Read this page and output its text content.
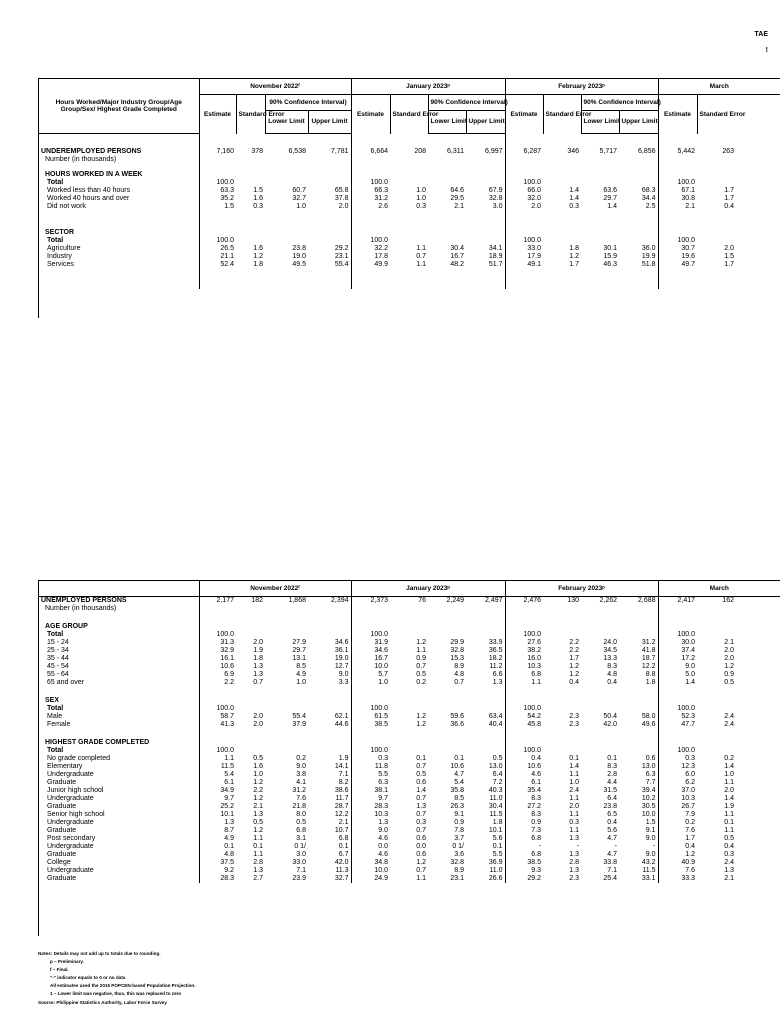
TAE
!
Hours Worked/Major Industry Group/Age Group/Sex/ Highest Grade Completed	November 2022ᶠ				January 2023ᵖ				February 2023ᵖ				March	
	Estimate	Standard Error	90% Confidence Interval)		Estimate	Standard Error	90% Confidence Interval)		Estimate	Standard Error	90% Confidence Interval)		Estimate	Standard Error
			Lower Limit	Upper Limit			Lower Limit	Upper Limit			Lower Limit	Upper Limit		

UNDEREMPLOYED PERSONS	7,160	378	6,538	7,781	6,664	208	6,311	6,997	6,287	346	5,717	6,856	5,442	263
Number (in thousands)														

HOURS WORKED IN A WEEK														
Total	100.0				100.0				100.0				100.0	
Worked less than 40 hours	63.3	1.5	60.7	65.8	66.3	1.0	64.6	67.9	66.0	1.4	63.6	68.3	67.1	1.7
Worked 40 hours and over	35.2	1.6	32.7	37.8	31.2	1.0	29.5	32.8	32.0	1.4	29.7	34.4	30.8	1.7
Did not work	1.5	0.3	1.0	2.0	2.6	0.3	2.1	3.0	2.0	0.3	1.4	2.5	2.1	0.4

SECTOR														
Total	100.0				100.0				100.0				100.0	
Agriculture	26.5	1.6	23.8	29.2	32.2	1.1	30.4	34.1	33.0	1.8	30.1	36.0	30.7	2.0
Industry	21.1	1.2	19.0	23.1	17.8	0.7	16.7	18.9	17.9	1.2	15.9	19.9	19.6	1.5
Services	52.4	1.8	49.5	55.4	49.9	1.1	48.2	51.7	49.1	1.7	46.3	51.8	49.7	1.7

	November 2022ᶠ				January 2023ᵖ				February 2023ᵖ				March	
UNEMPLOYED PERSONS	2,177	182	1,868	2,394	2,373	76	2,249	2,497	2,476	130	2,262	2,688	2,417	162
Number (in thousands)														

AGE GROUP														
Total	100.0				100.0				100.0				100.0	
15 - 24	31.3	2.0	27.9	34.6	31.9	1.2	29.9	33.9	27.6	2.2	24.0	31.2	30.0	2.1
25 - 34	32.9	1.9	29.7	36.1	34.6	1.1	32.8	36.5	38.2	2.2	34.5	41.8	37.4	2.0
35 - 44	16.1	1.8	13.1	19.0	16.7	0.9	15.3	18.2	16.0	1.7	13.3	18.7	17.2	2.0
45 - 54	10.6	1.3	8.5	12.7	10.0	0.7	8.9	11.2	10.3	1.2	8.3	12.2	9.0	1.2
55 - 64	6.9	1.3	4.9	9.0	5.7	0.5	4.8	6.6	6.8	1.2	4.8	8.8	5.0	0.9
65 and over	2.2	0.7	1.0	3.3	1.0	0.2	0.7	1.3	1.1	0.4	0.4	1.8	1.4	0.5

SEX														
Total	100.0				100.0				100.0				100.0	
Male	58.7	2.0	55.4	62.1	61.5	1.2	59.6	63.4	54.2	2.3	50.4	58.0	52.3	2.4
Female	41.3	2.0	37.9	44.6	38.5	1.2	36.6	40.4	45.8	2.3	42.0	49.6	47.7	2.4

HIGHEST GRADE COMPLETED														
Total	100.0				100.0				100.0				100.0	
No grade completed	1.1	0.5	0.2	1.9	0.3	0.1	0.1	0.5	0.4	0.1	0.1	0.6	0.3	0.2
Elementary	11.5	1.6	9.0	14.1	11.8	0.7	10.6	13.0	10.6	1.4	8.3	13.0	12.3	1.4
Undergraduate	5.4	1.0	3.8	7.1	5.5	0.5	4.7	6.4	4.6	1.1	2.8	6.3	6.0	1.0
Graduate	6.1	1.2	4.1	8.2	6.3	0.6	5.4	7.2	6.1	1.0	4.4	7.7	6.2	1.1
Junior high school	34.9	2.2	31.2	38.6	38.1	1.4	35.8	40.3	35.4	2.4	31.5	39.4	37.0	2.0
Undergraduate	9.7	1.2	7.6	11.7	9.7	0.7	8.5	11.0	8.3	1.1	6.4	10.2	10.3	1.4
Graduate	25.2	2.1	21.8	28.7	28.3	1.3	26.3	30.4	27.2	2.0	23.8	30.5	26.7	1.9
Senior high school	10.1	1.3	8.0	12.2	10.3	0.7	9.1	11.5	8.3	1.1	6.5	10.0	7.9	1.1
Undergraduate	1.3	0.5	0.5	2.1	1.3	0.3	0.9	1.8	0.9	0.3	0.4	1.5	0.2	0.1
Graduate	8.7	1.2	6.8	10.7	9.0	0.7	7.8	10.1	7.3	1.1	5.6	9.1	7.6	1.1
Post secondary	4.9	1.1	3.1	6.8	4.6	0.6	3.7	5.6	6.8	1.3	4.7	9.0	1.7	0.5
Undergraduate	0.1	0.1	0 1/	0.1	0.0	0.0	0 1/	0.1	-	-	-	-	0.4	0.4
Graduate	4.8	1.1	3.0	6.7	4.6	0.6	3.6	5.5	6.8	1.3	4.7	9.0	1.2	0.3
College	37.5	2.8	33.0	42.0	34.8	1.2	32.8	36.9	38.5	2.8	33.8	43.2	40.9	2.4
Undergraduate	9.2	1.3	7.1	11.3	10.0	0.7	8.9	11.0	9.3	1.3	7.1	11.5	7.6	1.3
Graduate	28.3	2.7	23.9	32.7	24.9	1.1	23.1	26.6	29.2	2.3	25.4	33.1	33.3	2.1
Notes: Details may not add up to totals due to rounding.
p – Preliminary.
f – Final.
"-" indicator equals to 0 or no data
All estimates used the 2015 POPCEN-based Population Projection.
1 – Lower limit was negative, thus, this was replaced to zero
Source: Philippine Statistics Authority, Labor Force Survey
